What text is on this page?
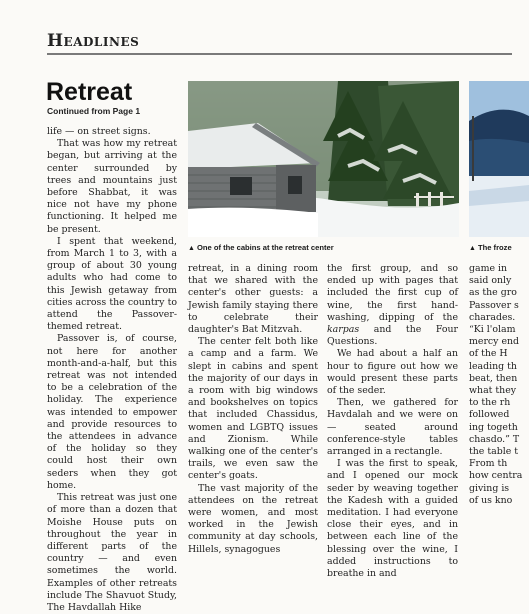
Headlines
Retreat
Continued from Page 1
▲ One of the cabins at the retreat center	▲ The froze

life — on street signs.

That was how my retreat began, but arriving at the center surrounded by trees and mountains just before Shabbat, it was nice not have my phone functioning. It helped me be present.

I spent that weekend, from March 1 to 3, with a group of about 30 young adults who had come to this Jewish getaway from cities across the country to attend the Passover-themed retreat.

Passover is, of course, not here for another month-and-a-half, but this retreat was not intended to be a celebration of the holiday. The experience was intended to empower and provide resources to the attendees in advance of the holiday so they could host their own seders when they got home.

This retreat was just one of more than a dozen that Moishe House puts on throughout the year in different parts of the country — and even sometimes the world. Examples of other retreats include The Shavuot Study, The Havdallah Hike

retreat, in a dining room that we shared with the center's other guests: a Jewish family staying there to celebrate their daughter's Bat Mitzvah.

The center felt both like a camp and a farm. We slept in cabins and spent the majority of our days in a room with big windows and bookshelves on topics that included Chassidus, women and LGBTQ issues and Zionism. While walking one of the center's trails, we even saw the center's goats.

The vast majority of the attendees on the retreat were women, and most worked in the Jewish community at day schools, Hillels, synagogues

the first group, and so ended up with pages that included the first cup of wine, the first hand-washing, dipping of the karpas and the Four Questions.

We had about a half an hour to figure out how we would present these parts of the seder.

Then, we gathered for Havdalah and we were on — seated around conference-style tables arranged in a rectangle.

I was the first to speak, and I opened our mock seder by weaving together the Kadesh with a guided meditation. I had everyone close their eyes, and in between each line of the blessing over the wine, I added instructions to breathe in and

game in
said only
as the gro
Passover s
charades.
“Ki l'olam
mercy end
of the H
leading th
beat, then
what they
to the rh
followed
ing togeth
chasdo.” T
the table t
From th
how centra
giving is
of us kno
